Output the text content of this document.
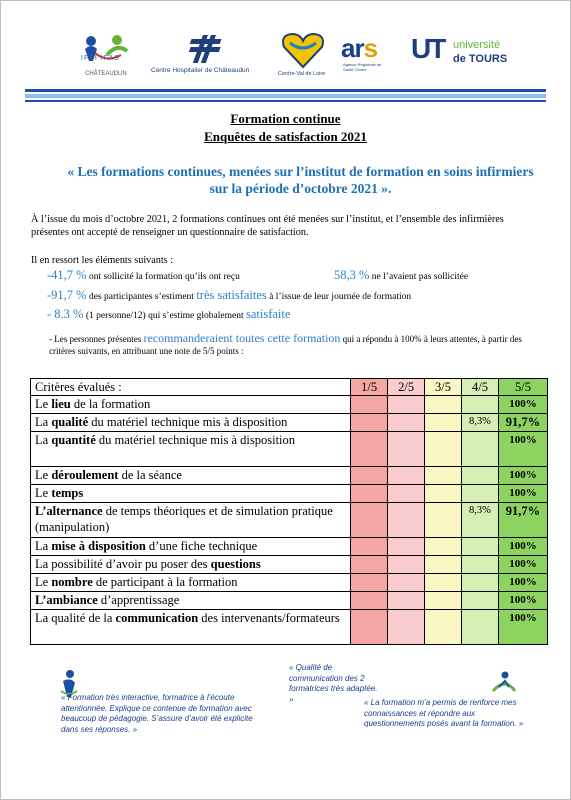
IFSI IFAS
CHÂTEAUDUN	Centre Hospitalier de Châteaudun	Centre-Val de Loire
ars
Agence Régionale de Santé Centre
UT université
de TOURS
Formation continue
Enquêtes de satisfaction 2021
« Les formations continues, menées sur l’institut de formation en soins infirmiers sur la période d’octobre 2021 ».
À l’issue du mois d’octobre 2021, 2 formations continues ont été menées sur l’institut, et l’ensemble des infirmières présentes ont accepté de renseigner un questionnaire de satisfaction.
Il en ressort les éléments suivants :
-41,7 % ont sollicité la formation qu’ils ont reçu	58,3 % ne l’avaient pas sollicitée
-91,7 % des participantes s’estiment très satisfaites à l’issue de leur journée de formation
- 8.3 % (1 personne/12) qui s’estime globalement satisfaite
- Les personnes présentes recommanderaient toutes cette formation qui a répondu à 100% à leurs attentes, à partir des critères suivants, en attribuant une note de 5/5 points :
Critères évalués :	1/5	2/5	3/5	4/5	5/5
Le lieu de la formation					100%
La qualité du matériel technique mis à disposition				8,3%	91,7%
La quantité du matériel technique mis à disposition					100%
Le déroulement de la séance					100%
Le temps					100%
L’alternance de temps théoriques et de simulation pratique (manipulation)				8,3%	91,7%
La mise à disposition d’une fiche technique					100%
La possibilité d’avoir pu poser des questions					100%
Le nombre de participant à la formation					100%
L’ambiance d’apprentissage					100%
La qualité de la communication des intervenants/formateurs					100%
« Qualité de communication des 2 formatrices très adaptée. »
« Formation très interactive, formatrice à l’écoute attentionnée. Explique ce contenue de formation avec beaucoup de pédagogie. S’assure d’avoir été explicite dans ses réponses. »
« La formation m’a permis de renforce mes connaissances et répondre aux questionnements posés avant la formation. »
